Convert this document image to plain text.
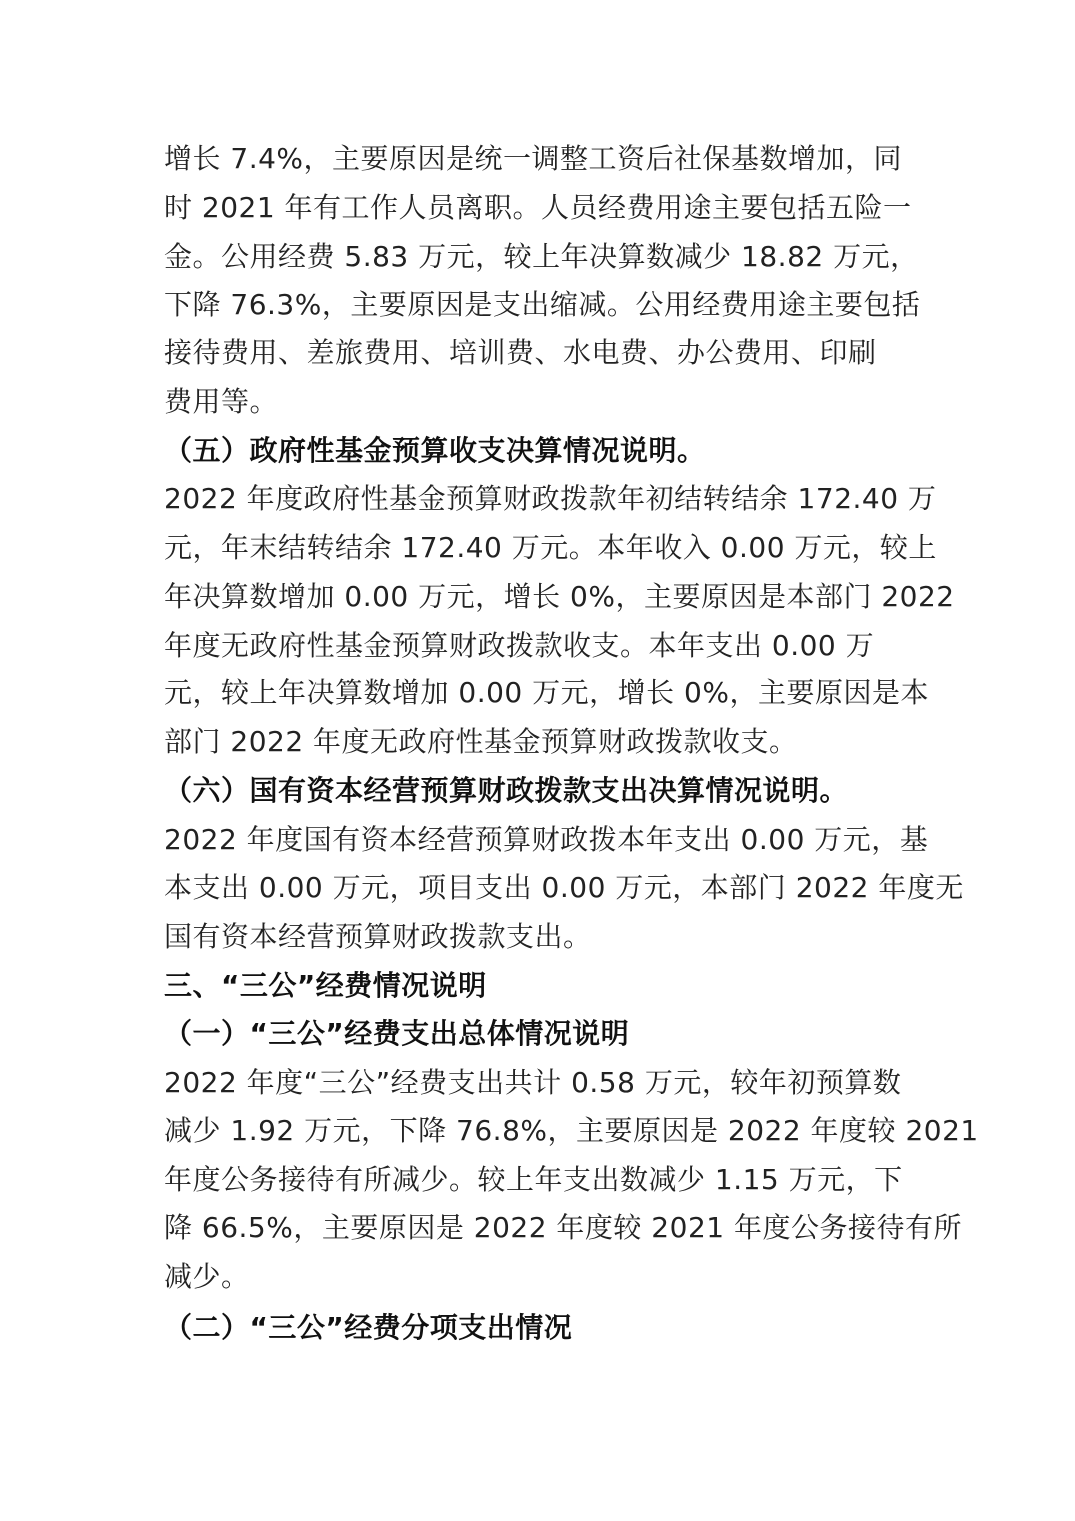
增长 7.4%，主要原因是统一调整工资后社保基数增加，同
时 2021 年有工作人员离职。人员经费用途主要包括五险一
金。公用经费 5.83 万元，较上年决算数减少 18.82 万元，
下降 76.3%，主要原因是支出缩减。公用经费用途主要包括
接待费用、差旅费用、培训费、水电费、办公费用、印刷
费用等。
（五）政府性基金预算收支决算情况说明。
2022 年度政府性基金预算财政拨款年初结转结余 172.40 万
元，年末结转结余 172.40 万元。本年收入 0.00 万元，较上
年决算数增加 0.00 万元，增长 0%，主要原因是本部门 2022
年度无政府性基金预算财政拨款收支。本年支出 0.00 万
元，较上年决算数增加 0.00 万元，增长 0%，主要原因是本
部门 2022 年度无政府性基金预算财政拨款收支。
（六）国有资本经营预算财政拨款支出决算情况说明。
2022 年度国有资本经营预算财政拨本年支出 0.00 万元，基
本支出 0.00 万元，项目支出 0.00 万元，本部门 2022 年度无
国有资本经营预算财政拨款支出。
三、“三公”经费情况说明
（一）“三公”经费支出总体情况说明
2022 年度“三公”经费支出共计 0.58 万元，较年初预算数
减少 1.92 万元，下降 76.8%，主要原因是 2022 年度较 2021
年度公务接待有所减少。较上年支出数减少 1.15 万元，下
降 66.5%，主要原因是 2022 年度较 2021 年度公务接待有所
减少。
（二）“三公”经费分项支出情况
